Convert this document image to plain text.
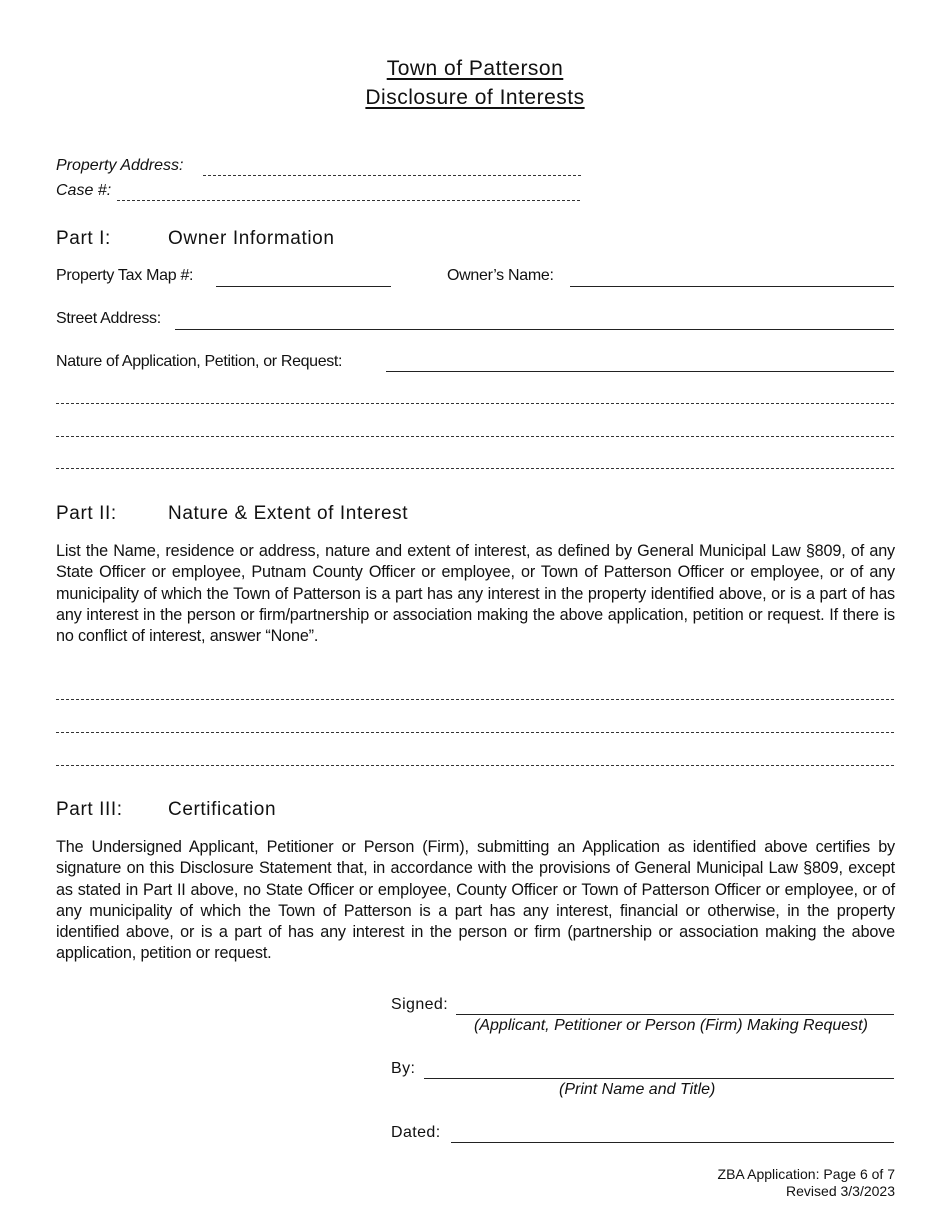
Town of Patterson
Disclosure of Interests
Property Address:
Case #:
Part I:	Owner Information
Property Tax Map #:	Owner’s Name:
Street Address:
Nature of Application, Petition, or Request:
Part II:	Nature & Extent of Interest
List the Name, residence or address, nature and extent of interest, as defined by General Municipal Law §809, of any State Officer or employee, Putnam County Officer or employee, or Town of Patterson Officer or employee, or of any municipality of which the Town of Patterson is a part has any interest in the property identified above, or is a part of has any interest in the person or firm/partnership or association making the above application, petition or request. If there is no conflict of interest, answer “None”.
Part III: Certification
The Undersigned Applicant, Petitioner or Person (Firm), submitting an Application as identified above certifies by signature on this Disclosure Statement that, in accordance with the provisions of General Municipal Law §809, except as stated in Part II above, no State Officer or employee, County Officer or Town of Patterson Officer or employee, or of any municipality of which the Town of Patterson is a part has any interest, financial or otherwise, in the property identified above, or is a part of has any interest in the person or firm (partnership or association making the above application, petition or request.
Signed:
(Applicant, Petitioner or Person (Firm) Making Request)
By:
(Print Name and Title)
Dated:
ZBA Application: Page 6 of 7
Revised 3/3/2023
